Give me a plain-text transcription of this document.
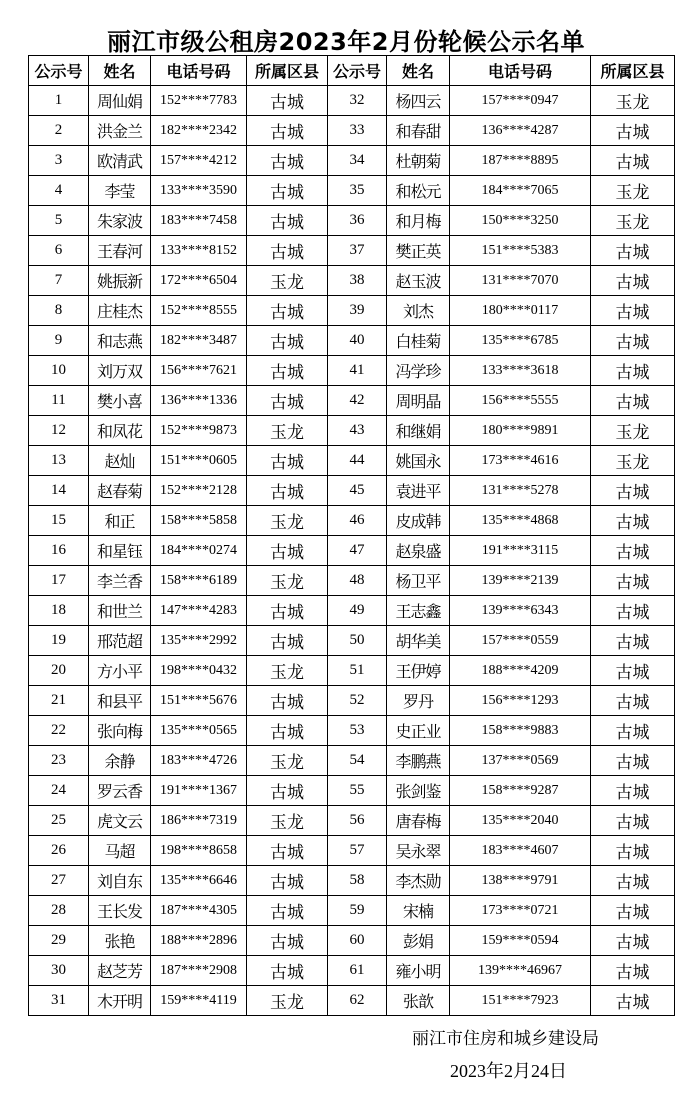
丽江市级公租房2023年2月份轮候公示名单
公示号	姓名	电话号码	所属区县	公示号	姓名	电话号码	所属区县
1	周仙娟	152****7783	古城	32	杨四云	157****0947	玉龙
2	洪金兰	182****2342	古城	33	和春甜	136****4287	古城
3	欧清武	157****4212	古城	34	杜朝菊	187****8895	古城
4	李莹	133****3590	古城	35	和松元	184****7065	玉龙
5	朱家波	183****7458	古城	36	和月梅	150****3250	玉龙
6	王春河	133****8152	古城	37	樊正英	151****5383	古城
7	姚振新	172****6504	玉龙	38	赵玉波	131****7070	古城
8	庄桂杰	152****8555	古城	39	刘杰	180****0117	古城
9	和志燕	182****3487	古城	40	白桂菊	135****6785	古城
10	刘万双	156****7621	古城	41	冯学珍	133****3618	古城
11	樊小喜	136****1336	古城	42	周明晶	156****5555	古城
12	和凤花	152****9873	玉龙	43	和继娟	180****9891	玉龙
13	赵灿	151****0605	古城	44	姚国永	173****4616	玉龙
14	赵春菊	152****2128	古城	45	袁进平	131****5278	古城
15	和正	158****5858	玉龙	46	皮成韩	135****4868	古城
16	和星钰	184****0274	古城	47	赵泉盛	191****3115	古城
17	李兰香	158****6189	玉龙	48	杨卫平	139****2139	古城
18	和世兰	147****4283	古城	49	王志鑫	139****6343	古城
19	邢范超	135****2992	古城	50	胡华美	157****0559	古城
20	方小平	198****0432	玉龙	51	王伊婷	188****4209	古城
21	和县平	151****5676	古城	52	罗丹	156****1293	古城
22	张向梅	135****0565	古城	53	史正业	158****9883	古城
23	余静	183****4726	玉龙	54	李鹏燕	137****0569	古城
24	罗云香	191****1367	古城	55	张剑鉴	158****9287	古城
25	虎文云	186****7319	玉龙	56	唐春梅	135****2040	古城
26	马超	198****8658	古城	57	吴永翠	183****4607	古城
27	刘自东	135****6646	古城	58	李杰勋	138****9791	古城
28	王长发	187****4305	古城	59	宋楠	173****0721	古城
29	张艳	188****2896	古城	60	彭娟	159****0594	古城
30	赵芝芳	187****2908	古城	61	雍小明	139****46967	古城
31	木开明	159****4119	玉龙	62	张歆	151****7923	古城
丽江市住房和城乡建设局
2023年2月24日
